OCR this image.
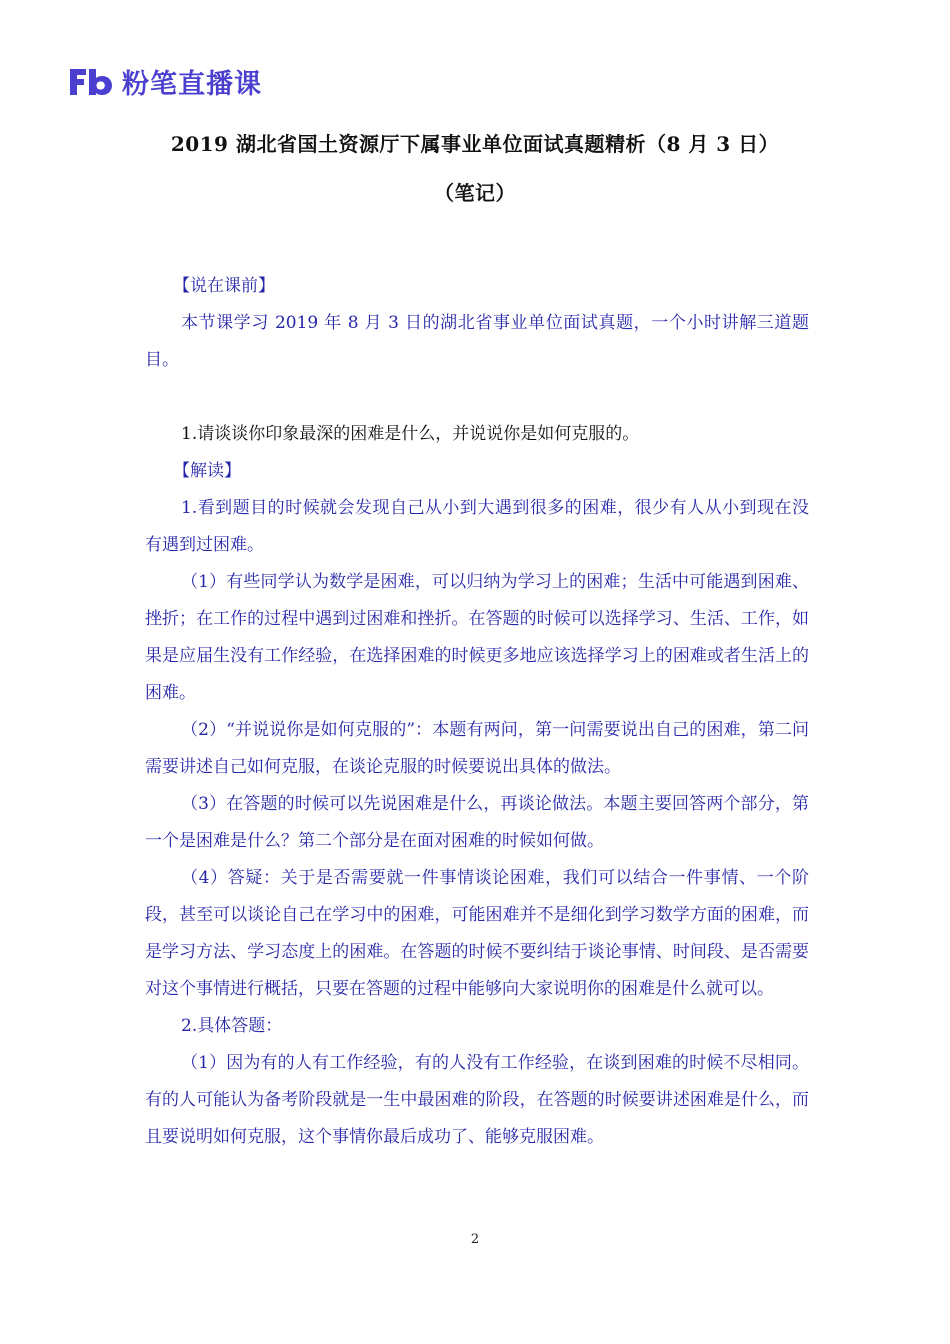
粉笔直播课
2019 湖北省国土资源厅下属事业单位面试真题精析（8 月 3 日）
（笔记）

【说在课前】

本节课学习 2019 年 8 月 3 日的湖北省事业单位面试真题，一个小时讲解三道题目。

1.请谈谈你印象最深的困难是什么，并说说你是如何克服的。

【解读】

1.看到题目的时候就会发现自己从小到大遇到很多的困难，很少有人从小到现在没有遇到过困难。

（1）有些同学认为数学是困难，可以归纳为学习上的困难；生活中可能遇到困难、挫折；在工作的过程中遇到过困难和挫折。在答题的时候可以选择学习、生活、工作，如果是应届生没有工作经验，在选择困难的时候更多地应该选择学习上的困难或者生活上的困难。

（2）“并说说你是如何克服的”：本题有两问，第一问需要说出自己的困难，第二问需要讲述自己如何克服，在谈论克服的时候要说出具体的做法。

（3）在答题的时候可以先说困难是什么，再谈论做法。本题主要回答两个部分，第一个是困难是什么？第二个部分是在面对困难的时候如何做。

（4）答疑：关于是否需要就一件事情谈论困难，我们可以结合一件事情、一个阶段，甚至可以谈论自己在学习中的困难，可能困难并不是细化到学习数学方面的困难，而是学习方法、学习态度上的困难。在答题的时候不要纠结于谈论事情、时间段、是否需要对这个事情进行概括，只要在答题的过程中能够向大家说明你的困难是什么就可以。

2.具体答题：

（1）因为有的人有工作经验，有的人没有工作经验，在谈到困难的时候不尽相同。有的人可能认为备考阶段就是一生中最困难的阶段，在答题的时候要讲述困难是什么，而且要说明如何克服，这个事情你最后成功了、能够克服困难。

2
